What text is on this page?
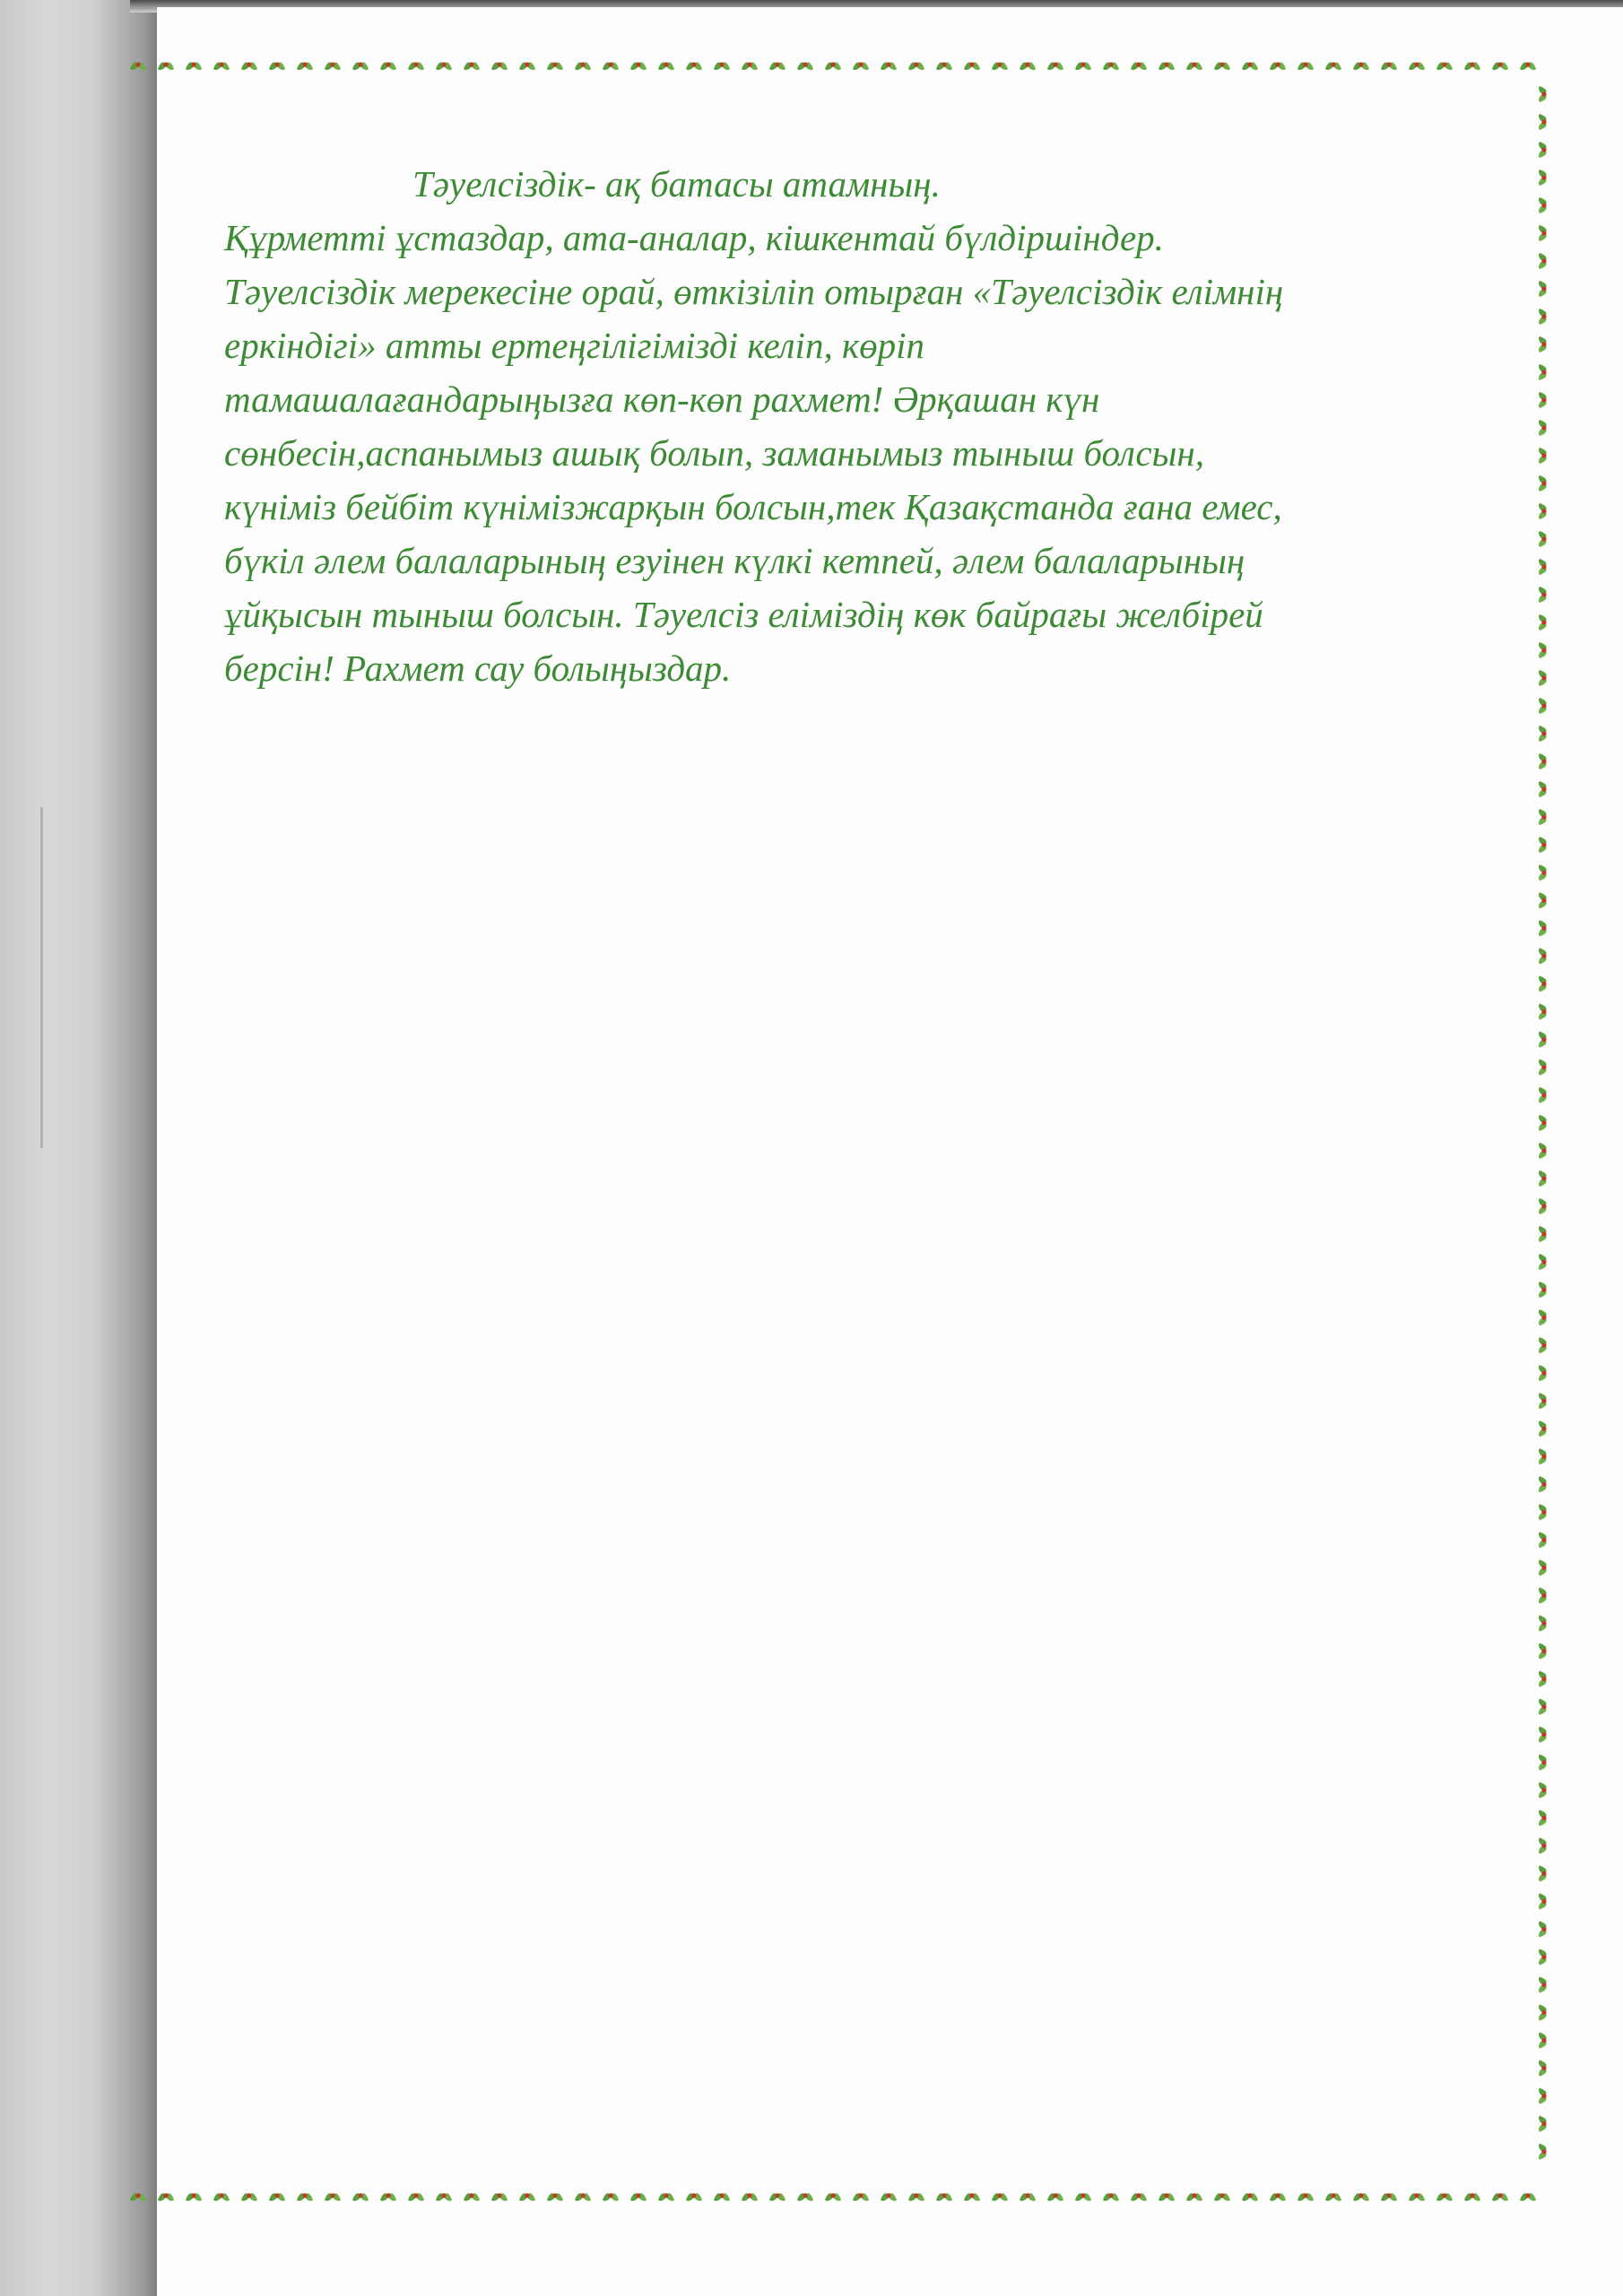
Тәуелсіздік- ақ батасы атамның.
Құрметті ұстаздар, ата-аналар, кішкентай бүлдіршіндер.
Тәуелсіздік мерекесіне орай, өткізіліп отырған «Тәуелсіздік елімнің
еркіндігі» атты ертеңгілігімізді келіп, көріп
тамашалағандарыңызға көп-көп рахмет! Әрқашан күн
сөнбесін,аспанымыз ашық болып, заманымыз тыныш болсын,
күніміз бейбіт күнімізжарқын болсын,тек Қазақстанда ғана емес,
бүкіл әлем балаларының езуінен күлкі кетпей, әлем балаларының
ұйқысын тыныш болсын. Тәуелсіз еліміздің көк байрағы желбірей
берсін! Рахмет сау болыңыздар.
